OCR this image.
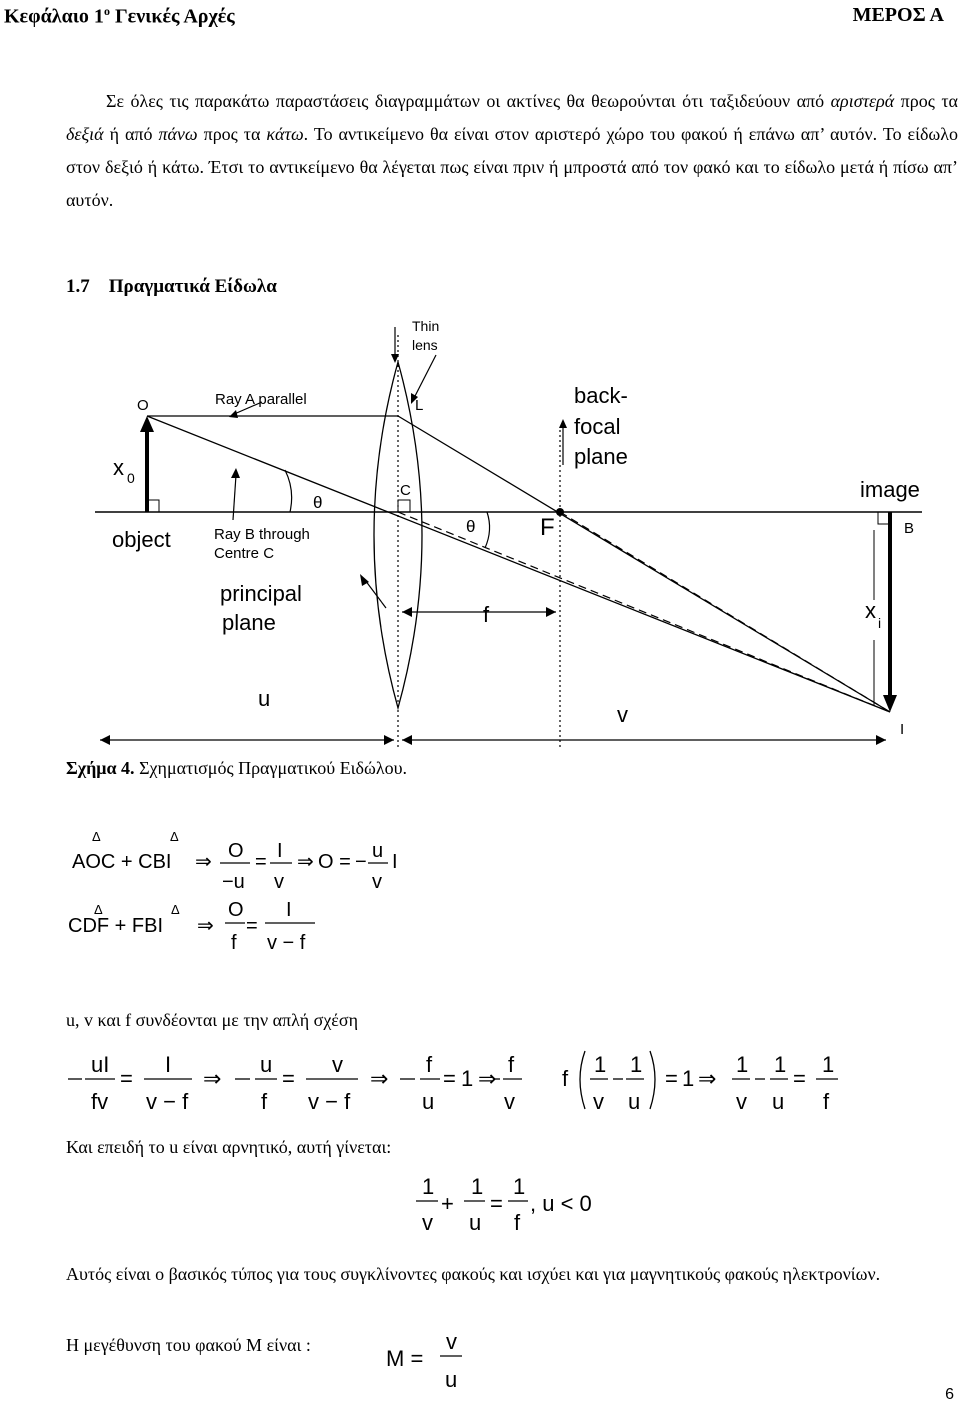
Κεφάλαιο $1^o$ Γενικές Αρχές	ΜΕΡΟΣ Α

Σε όλες τις παρακάτω παραστάσεις διαγραμμάτων οι ακτίνες θα θεωρούνται ότι ταξιδεύουν από αριστερά προς τα δεξιά ή από πάνω προς τα κάτω. Το αντικείμενο θα είναι στον αριστερό χώρο του φακού ή επάνω απ’ αυτόν. Το είδωλο στον δεξιό ή κάτω. Έτσι το αντικείμενο θα λέγεται πως είναι πριν ή μπροστά από τον φακό και το είδωλο μετά ή πίσω απ’ αυτόν.

1.7 Πραγματικά Είδωλα
Thin
lens
O	Ray A parallel	L	back-
focal
plane
x 0
θ
C	image
object	Ray B through
Centre C
θ	F	B
principal
plane	f	x i
u
v
I
Σχήμα 4. Σχηματισμός Πραγματικού Ειδώλου.
Δ	Δ
AOC + CBI ⇒ O
−u
= I
v
⇒ O = − u
v
I
Δ	Δ
CDF + FBI ⇒
O
f
=
I
v − f
u, v και f συνδέονται με την απλή σχέση
uI
fv
=
I
v − f
⇒
u
f
=
v
v − f
⇒
f
u
= 1 ⇒
f
v
f
1
v
1
u
= 1 ⇒
1
v
1
u
=
1
f
Και επειδή το u είναι αρνητικό, αυτή γίνεται:
1
v
+
1
u
=
1
f
, u < 0
Αυτός είναι ο βασικός τύπος για τους συγκλίνοντες φακούς και ισχύει και για μαγνητικούς φακούς ηλεκτρονίων.
Η μεγέθυνση του φακού M είναι :
M =
v
u
6
